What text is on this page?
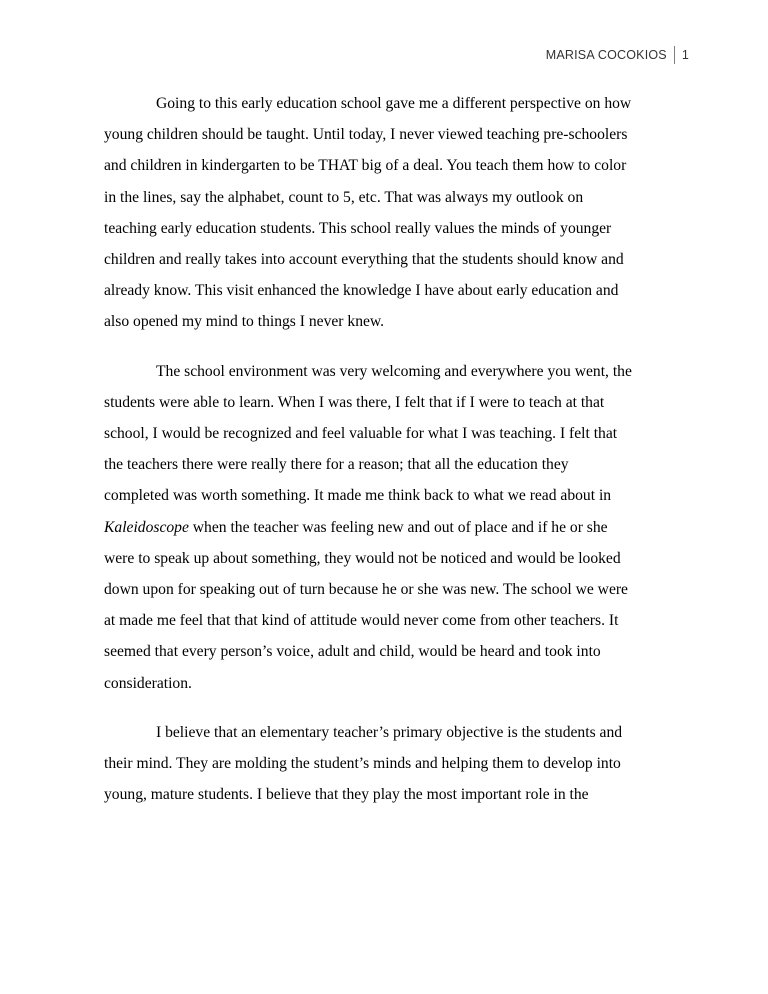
MARISA COCOKIOS	1

Going to this early education school gave me a different perspective on how
young children should be taught. Until today, I never viewed teaching pre-schoolers
and children in kindergarten to be THAT big of a deal. You teach them how to color
in the lines, say the alphabet, count to 5, etc. That was always my outlook on
teaching early education students. This school really values the minds of younger
children and really takes into account everything that the students should know and
already know. This visit enhanced the knowledge I have about early education and
also opened my mind to things I never knew.

The school environment was very welcoming and everywhere you went, the
students were able to learn. When I was there, I felt that if I were to teach at that
school, I would be recognized and feel valuable for what I was teaching. I felt that
the teachers there were really there for a reason; that all the education they
completed was worth something. It made me think back to what we read about in
Kaleidoscope when the teacher was feeling new and out of place and if he or she
were to speak up about something, they would not be noticed and would be looked
down upon for speaking out of turn because he or she was new. The school we were
at made me feel that that kind of attitude would never come from other teachers. It
seemed that every person’s voice, adult and child, would be heard and took into
consideration.

I believe that an elementary teacher’s primary objective is the students and
their mind. They are molding the student’s minds and helping them to develop into
young, mature students. I believe that they play the most important role in the
